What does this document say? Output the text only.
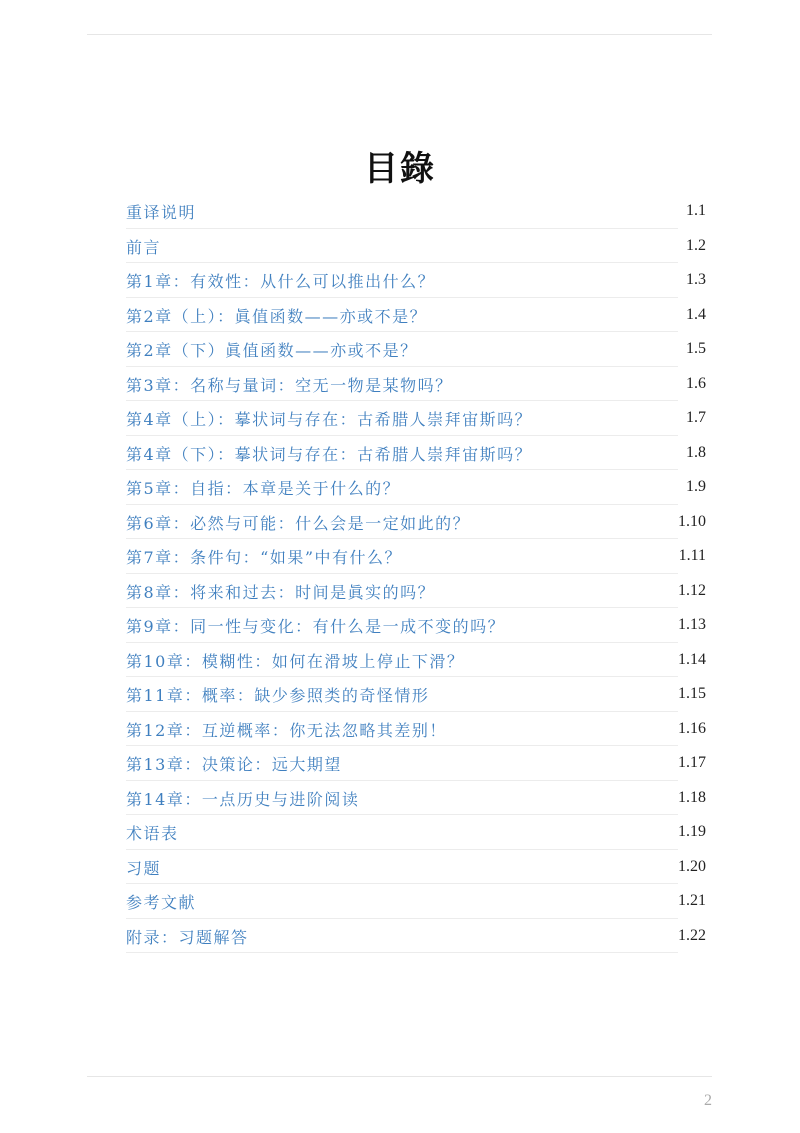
目錄
重译说明	1.1
前言	1.2
第1章：有效性：从什么可以推出什么？	1.3
第2章（上）：眞值函数——亦或不是？	1.4
第2章（下）眞值函数——亦或不是？	1.5
第3章：名称与量词：空无一物是某物吗？	1.6
第4章（上）：摹状词与存在：古希腊人崇拜宙斯吗？	1.7
第4章（下）：摹状词与存在：古希腊人崇拜宙斯吗？	1.8
第5章：自指：本章是关于什么的？	1.9
第6章：必然与可能：什么会是一定如此的？	1.10
第7章：条件句：“如果”中有什么？	1.11
第8章：将来和过去：时间是眞实的吗？	1.12
第9章：同一性与变化：有什么是一成不变的吗？	1.13
第10章：模糊性：如何在滑坡上停止下滑？	1.14
第11章：概率：缺少参照类的奇怪情形	1.15
第12章：互逆概率：你无法忽略其差别！	1.16
第13章：决策论：远大期望	1.17
第14章：一点历史与进阶阅读	1.18
术语表	1.19
习题	1.20
参考文献	1.21
附录：习题解答	1.22
2
